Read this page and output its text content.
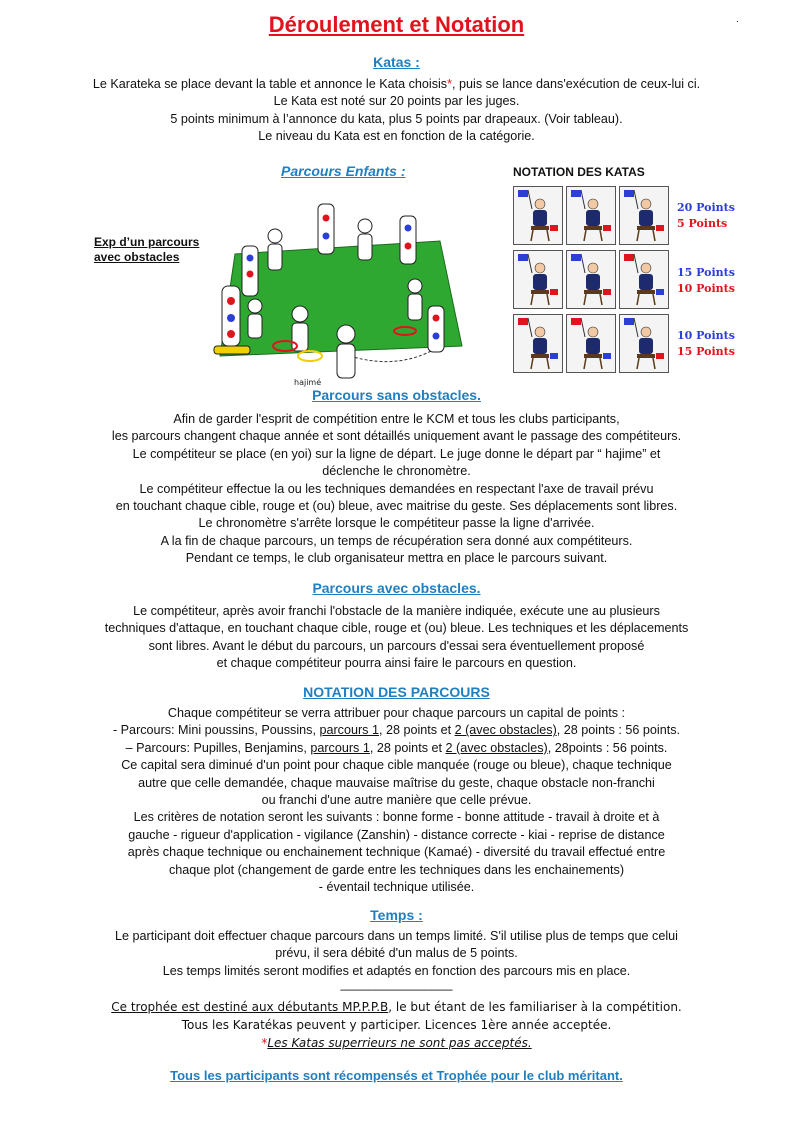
.
Déroulement et Notation
Katas :
Le Karateka se place devant la table et annonce le Kata choisis*, puis se lance dans'exécution de ceux-lui ci.
Le Kata est noté sur 20 points par les juges.
5 points minimum à l’annonce du kata, plus 5 points par drapeaux. (Voir tableau).
Le niveau du Kata est en fonction de la catégorie.
Parcours Enfants :
Exp d’un parcours
avec obstacles
hajimé
NOTATION DES KATAS
20 Points
5 Points
15 Points
10 Points
10 Points
15 Points
Parcours sans obstacles.
Afin de garder l'esprit de compétition entre le KCM et tous les clubs participants,
les parcours changent chaque année et sont détaillés uniquement avant le passage des compétiteurs.
Le compétiteur se place (en yoi) sur la ligne de départ. Le juge donne le départ par “ hajime” et
déclenche le chronomètre.
Le compétiteur effectue la ou les techniques demandées en respectant l'axe de travail prévu
en touchant chaque cible, rouge et (ou) bleue, avec maitrise du geste. Ses déplacements sont libres.
Le chronomètre s'arrête lorsque le compétiteur passe la ligne d'arrivée.
A la fin de chaque parcours, un temps de récupération sera donné aux compétiteurs.
Pendant ce temps, le club organisateur mettra en place le parcours suivant.
Parcours avec obstacles.
Le compétiteur, après avoir franchi l'obstacle de la manière indiquée, exécute une au plusieurs
techniques d'attaque, en touchant chaque cible, rouge et (ou) bleue. Les techniques et les déplacements
sont libres. Avant le début du parcours, un parcours d'essai sera éventuellement proposé
et chaque compétiteur pourra ainsi faire le parcours en question.
NOTATION DES PARCOURS
Chaque compétiteur se verra attribuer pour chaque parcours un capital de points :
- Parcours: Mini poussins, Poussins, parcours 1, 28 points et 2 (avec obstacles), 28 points : 56 points.
– Parcours: Pupilles, Benjamins, parcours 1, 28 points et 2 (avec obstacles), 28points : 56 points.
Ce capital sera diminué d'un point pour chaque cible manquée (rouge ou bleue), chaque technique
autre que celle demandée, chaque mauvaise maîtrise du geste, chaque obstacle non-franchi
ou franchi d'une autre manière que celle prévue.
Les critères de notation seront les suivants : bonne forme - bonne attitude - travail à droite et à
gauche - rigueur d'application - vigilance (Zanshin) - distance correcte - kiai - reprise de distance
après chaque technique ou enchainement technique (Kamaé) - diversité du travail effectué entre
chaque plot (changement de garde entre les techniques dans les enchainements)
- éventail technique utilisée.
Temps :
Le participant doit effectuer chaque parcours dans un temps limité. S'il utilise plus de temps que celui
prévu, il sera débité d'un malus de 5 points.
Les temps limités seront modifies et adaptés en fonction des parcours mis en place.
________________
Ce trophée est destiné aux débutants MP.P.P.B, le but étant de les familiariser à la compétition.
Tous les Karatékas peuvent y participer. Licences 1ère année acceptée.
*Les Katas superrieurs ne sont pas acceptés.
Tous les participants sont récompensés et Trophée pour le club méritant.
